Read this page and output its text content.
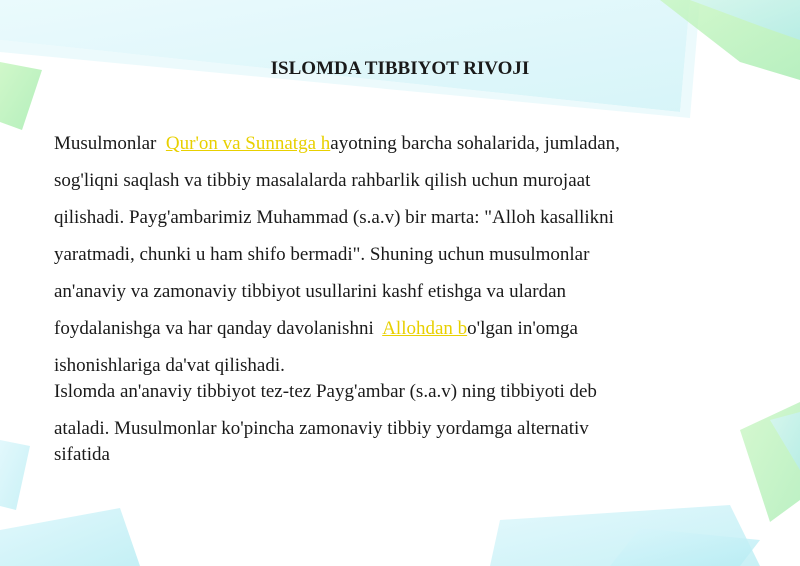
ISLOMDA TIBBIYOT RIVOJI
Musulmonlar  Qur'on va Sunnatga hayotning barcha sohalarida, jumladan,
sog'liqni saqlash va tibbiy masalalarda rahbarlik qilish uchun murojaat
qilishadi. Payg'ambarimiz Muhammad (s.a.v) bir marta: "Alloh kasallikni
yaratmadi, chunki u ham shifo bermadi". Shuning uchun musulmonlar
an'anaviy va zamonaviy tibbiyot usullarini kashf etishga va ulardan
foydalanishga va har qanday davolanishni  Allohdan bo'lgan in'omga
ishonishlariga da'vat qilishadi.
Islomda an'anaviy tibbiyot tez-tez Payg'ambar (s.a.v) ning tibbiyoti deb
ataladi. Musulmonlar ko'pincha zamonaviy tibbiy yordamga alternativ
sifatida
